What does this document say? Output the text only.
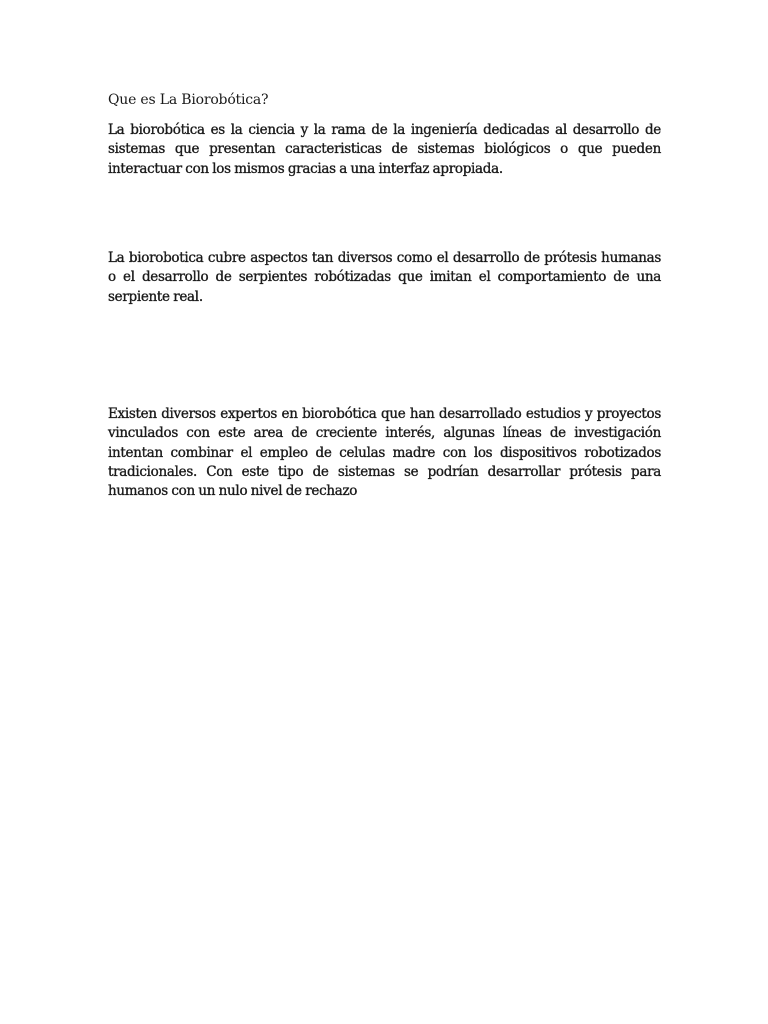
Que es La Biorobótica?

La biorobótica es la ciencia y la rama de la ingeniería dedicadas al desarrollo de sistemas que presentan caracteristicas de sistemas biológicos o que pueden interactuar con los mismos gracias a una interfaz apropiada.

La biorobotica cubre aspectos tan diversos como el desarrollo de prótesis humanas o el desarrollo de serpientes robótizadas que imitan el comportamiento de una serpiente real.

Existen diversos expertos en biorobótica que han desarrollado estudios y proyectos vinculados con este area de creciente interés, algunas líneas de investigación intentan combinar el empleo de celulas madre con los dispositivos robotizados tradicionales. Con este tipo de sistemas se podrían desarrollar prótesis para humanos con un nulo nivel de rechazo
